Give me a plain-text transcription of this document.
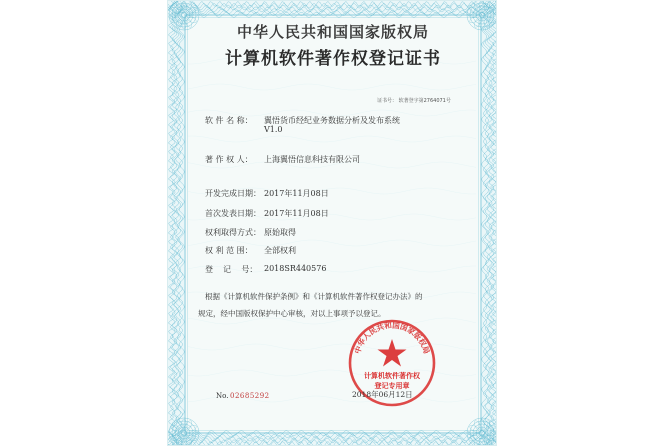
中华人民共和国国家版权局
计算机软件著作权登记证书
证书号： 软著登字第2764071号
软 件 名 称： 翼悟货币经纪业务数据分析及发布系统
V1.0
著 作 权 人： 上海翼悟信息科技有限公司
开发完成日期： 2017年11月08日
首次发表日期： 2017年11月08日
权利取得方式： 原始取得
权 利 范 围： 全部权利
登    记    号： 2018SR440576
根据《计算机软件保护条例》和《计算机软件著作权登记办法》的
规定，经中国版权保护中心审核，对以上事项予以登记。
中华人民共和国国家版权局
计算机软件著作权
登记专用章
No. 02685292	2018年06月12日
